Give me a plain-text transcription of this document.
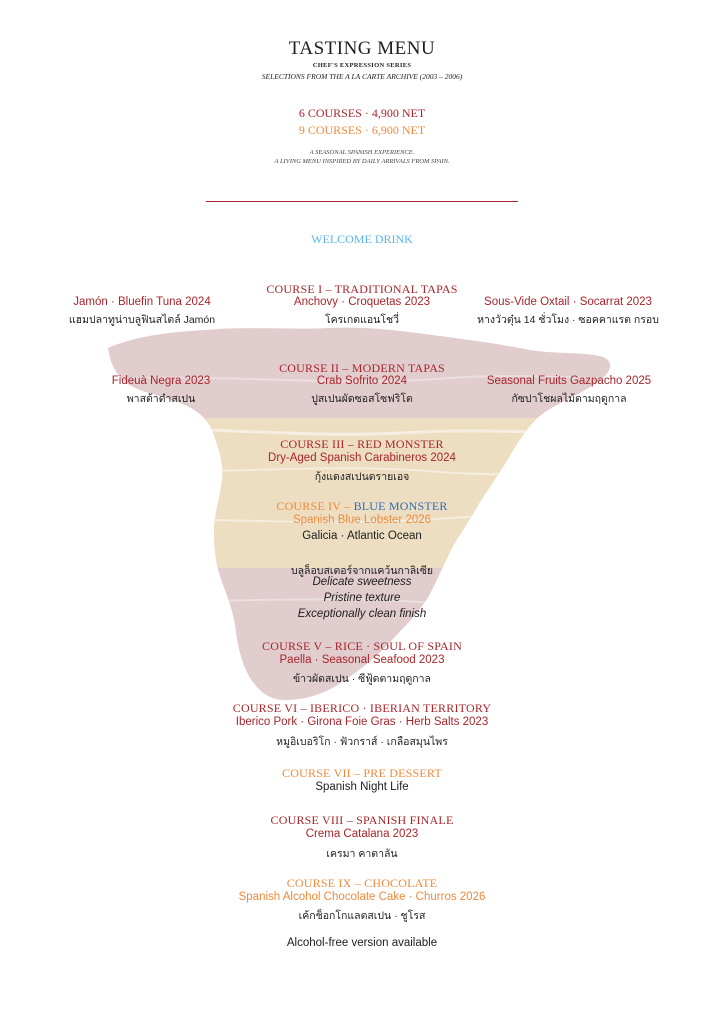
TASTING MENU
CHEF'S EXPRESSION SERIES
SELECTIONS FROM THE A LA CARTE ARCHIVE (2003 – 2006)
6 COURSES · 4,900 NET
9 COURSES · 6,900 NET
A SEASONAL SPANISH EXPERIENCE.
A LIVING MENU INSPIRED BY DAILY ARRIVALS FROM SPAIN.
WELCOME DRINK
COURSE I – TRADITIONAL TAPAS
Jamón · Bluefin Tuna 2024
แฮมปลาทูน่าบลูฟินสไตล์ Jamón
Anchovy · Croquetas 2023
โครเกตแอนโชวี่
Sous-Vide Oxtail · Socarrat 2023
หางวัวตุ๋น 14 ชั่วโมง · ซอคคาแรต กรอบ
COURSE II – MODERN TAPAS
Fideuà Negra 2023
พาสต้าดำสเปน
Crab Sofrito 2024
ปูสเปนผัดซอสโซฟริโต
Seasonal Fruits Gazpacho 2025
กัซปาโชผลไม้ตามฤดูกาล
COURSE III – RED MONSTER
Dry-Aged Spanish Carabineros 2024
กุ้งแดงสเปนดรายเอจ
COURSE IV – BLUE MONSTER
Spanish Blue Lobster 2026
Galicia · Atlantic Ocean
บลูล็อบสเตอร์จากแคว้นกาลิเซีย
Delicate sweetness
Pristine texture
Exceptionally clean finish
COURSE V – RICE · SOUL OF SPAIN
Paella · Seasonal Seafood 2023
ข้าวผัดสเปน · ซีฟู้ดตามฤดูกาล
COURSE VI – IBERICO · IBERIAN TERRITORY
Iberico Pork · Girona Foie Gras · Herb Salts 2023
หมูอิเบอริโก · ฟัวกราส์ · เกลือสมุนไพร
COURSE VII – PRE DESSERT
Spanish Night Life
COURSE VIII – SPANISH FINALE
Crema Catalana 2023
เครมา คาตาลัน
COURSE IX – CHOCOLATE
Spanish Alcohol Chocolate Cake · Churros 2026
เค้กช็อกโกแลตสเปน · ชูโรส
Alcohol-free version available
